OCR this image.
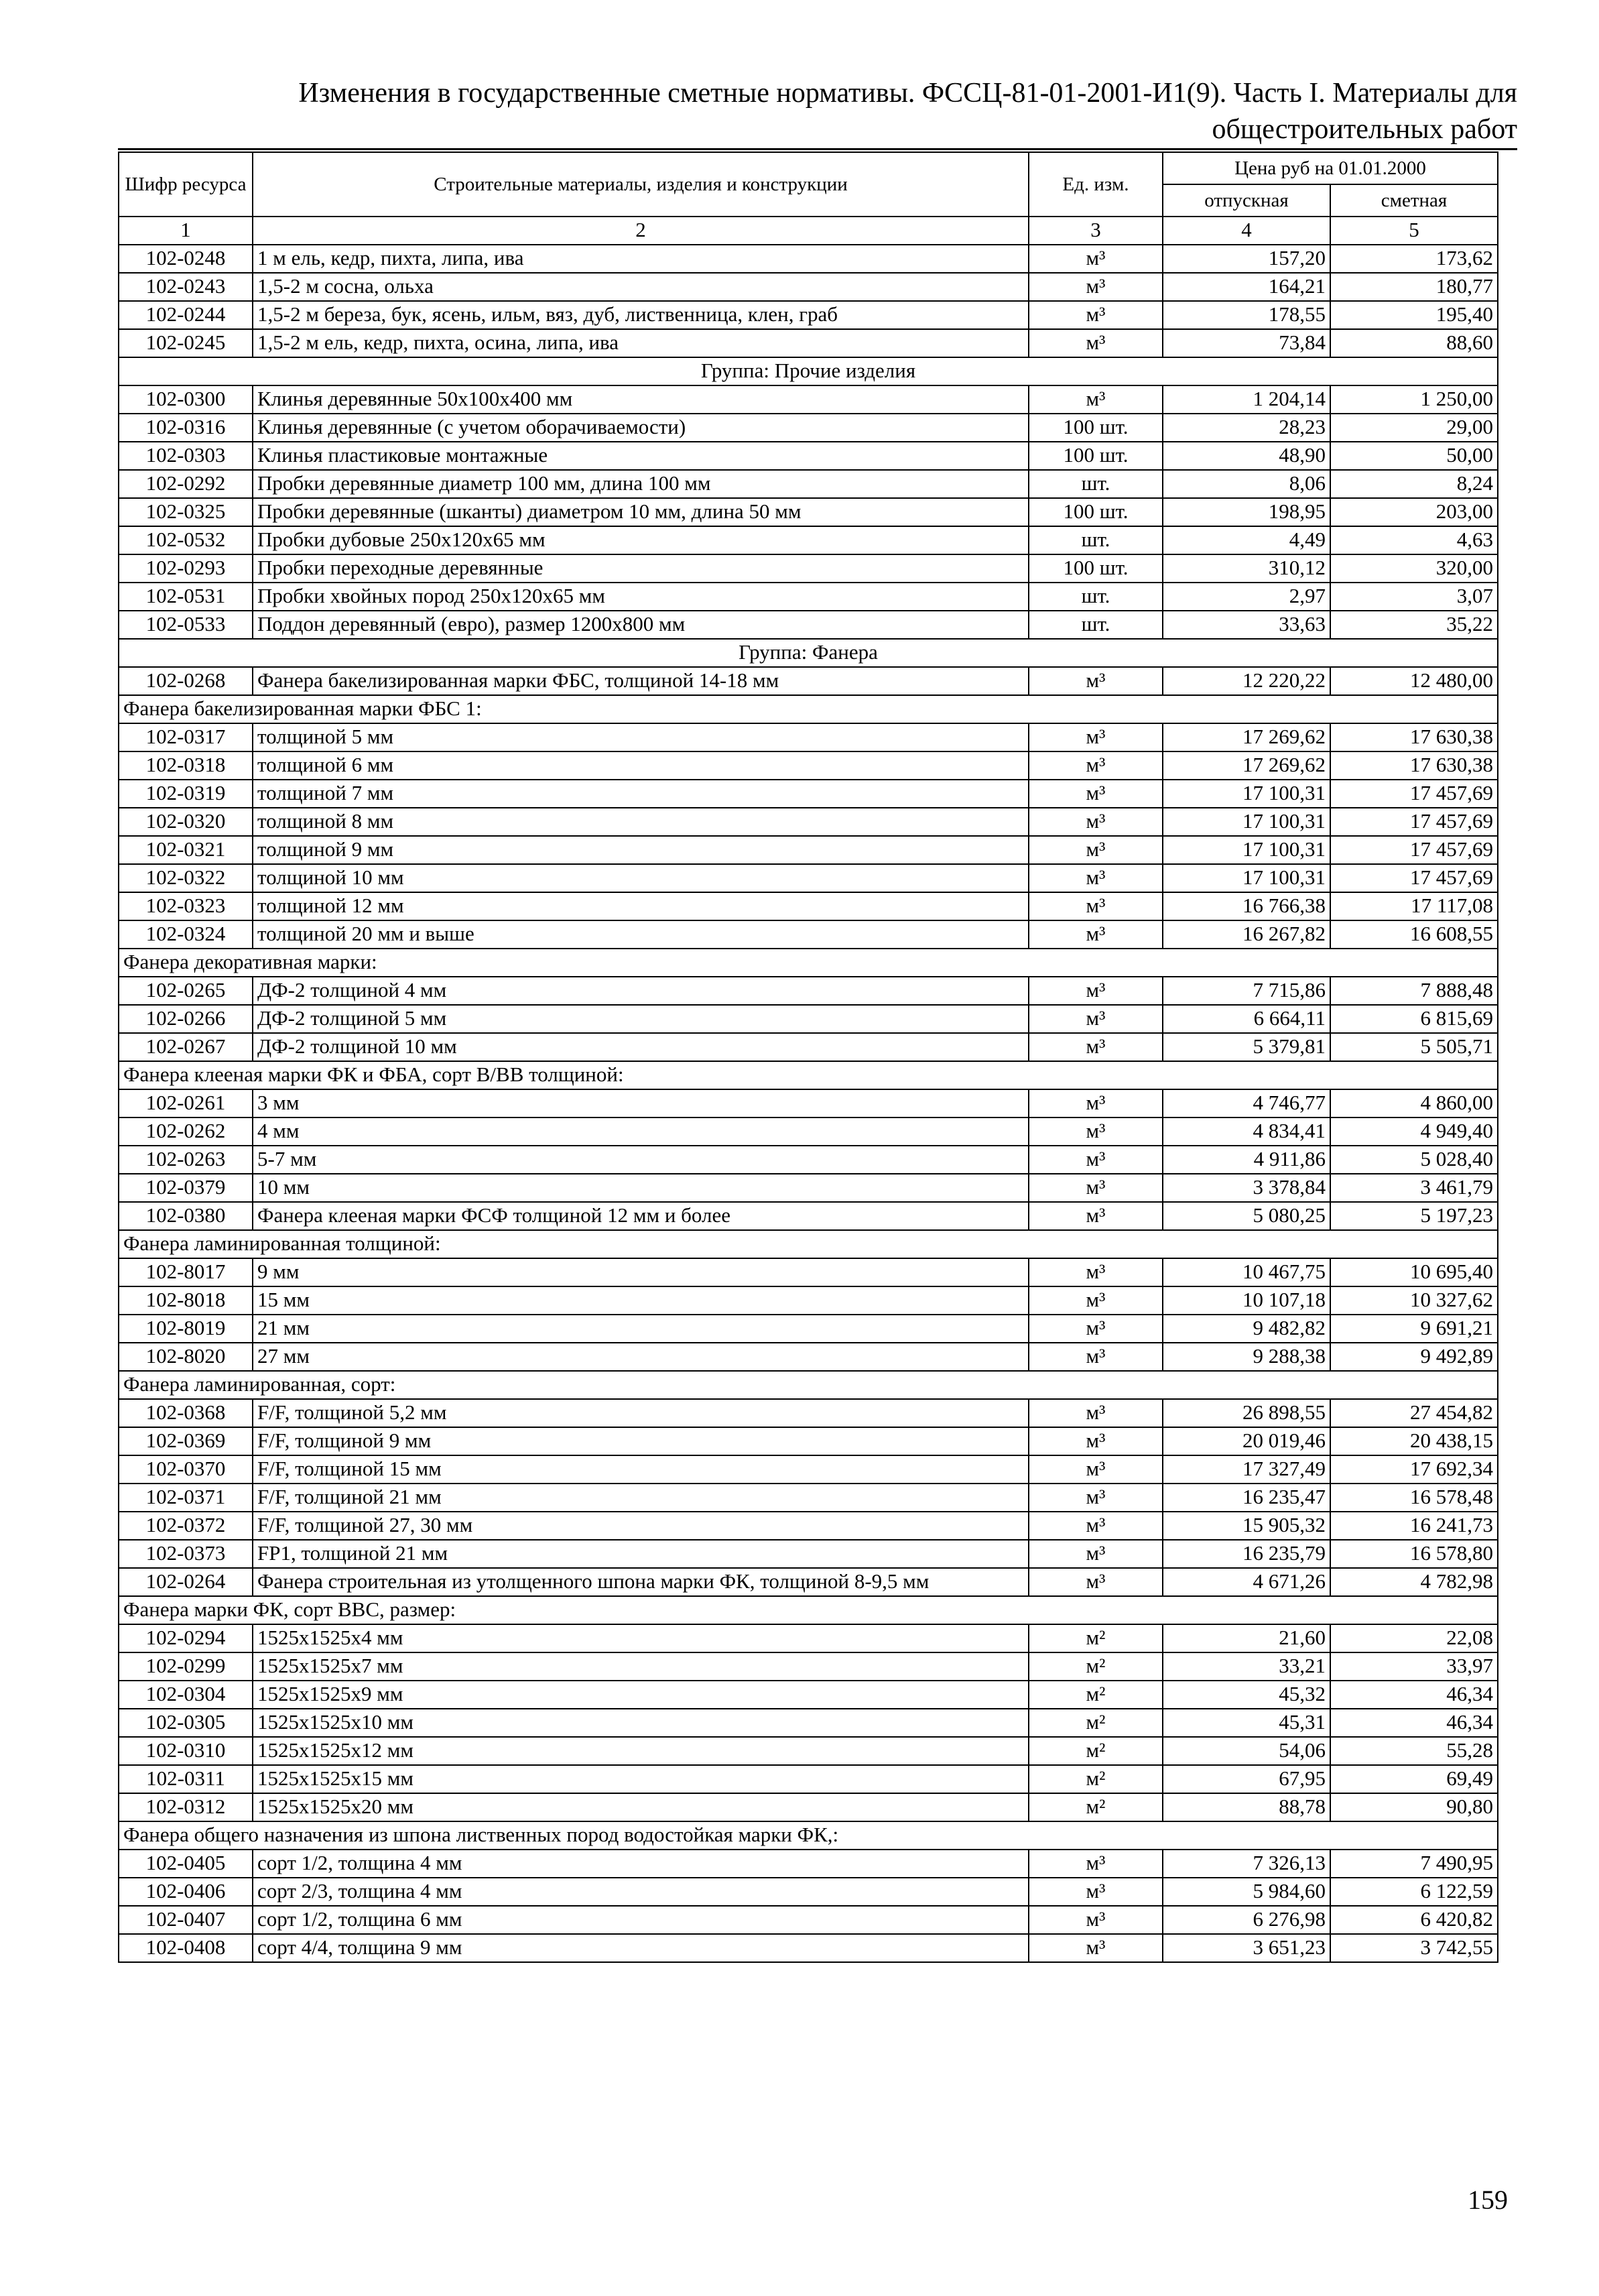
Изменения в государственные сметные нормативы. ФССЦ-81-01-2001-И1(9). Часть I. Материалы для
общестроительных работ
Шифр ресурса	Строительные материалы, изделия и конструкции	Ед. изм.	Цена руб на 01.01.2000	
			отпускная	сметная
1	2	3	4	5
102-0248	1 м ель, кедр, пихта, липа, ива	м³	157,20	173,62
102-0243	1,5-2 м сосна, ольха	м³	164,21	180,77
102-0244	1,5-2 м береза, бук, ясень, ильм, вяз, дуб, лиственница, клен, граб	м³	178,55	195,40
102-0245	1,5-2 м ель, кедр, пихта, осина, липа, ива	м³	73,84	88,60
Группа: Прочие изделия				
102-0300	Клинья деревянные 50х100х400 мм	м³	1 204,14	1 250,00
102-0316	Клинья деревянные (с учетом оборачиваемости)	100 шт.	28,23	29,00
102-0303	Клинья пластиковые монтажные	100 шт.	48,90	50,00
102-0292	Пробки деревянные диаметр 100 мм, длина 100 мм	шт.	8,06	8,24
102-0325	Пробки деревянные (шканты) диаметром 10 мм, длина 50 мм	100 шт.	198,95	203,00
102-0532	Пробки дубовые 250х120х65 мм	шт.	4,49	4,63
102-0293	Пробки переходные деревянные	100 шт.	310,12	320,00
102-0531	Пробки хвойных пород 250х120х65 мм	шт.	2,97	3,07
102-0533	Поддон деревянный (евро), размер 1200х800 мм	шт.	33,63	35,22
Группа: Фанера				
102-0268	Фанера бакелизированная марки ФБС, толщиной 14-18 мм	м³	12 220,22	12 480,00
Фанера бакелизированная марки ФБС 1:				
102-0317	толщиной 5 мм	м³	17 269,62	17 630,38
102-0318	толщиной 6 мм	м³	17 269,62	17 630,38
102-0319	толщиной 7 мм	м³	17 100,31	17 457,69
102-0320	толщиной 8 мм	м³	17 100,31	17 457,69
102-0321	толщиной 9 мм	м³	17 100,31	17 457,69
102-0322	толщиной 10 мм	м³	17 100,31	17 457,69
102-0323	толщиной 12 мм	м³	16 766,38	17 117,08
102-0324	толщиной 20 мм и выше	м³	16 267,82	16 608,55
Фанера декоративная марки:				
102-0265	ДФ-2 толщиной 4 мм	м³	7 715,86	7 888,48
102-0266	ДФ-2 толщиной 5 мм	м³	6 664,11	6 815,69
102-0267	ДФ-2 толщиной 10 мм	м³	5 379,81	5 505,71
Фанера клееная марки ФК и ФБА, сорт В/ВВ толщиной:				
102-0261	3 мм	м³	4 746,77	4 860,00
102-0262	4 мм	м³	4 834,41	4 949,40
102-0263	5-7 мм	м³	4 911,86	5 028,40
102-0379	10 мм	м³	3 378,84	3 461,79
102-0380	Фанера клееная марки ФСФ толщиной 12 мм и более	м³	5 080,25	5 197,23
Фанера ламинированная толщиной:				
102-8017	9 мм	м³	10 467,75	10 695,40
102-8018	15 мм	м³	10 107,18	10 327,62
102-8019	21 мм	м³	9 482,82	9 691,21
102-8020	27 мм	м³	9 288,38	9 492,89
Фанера ламинированная, сорт:				
102-0368	F/F, толщиной 5,2 мм	м³	26 898,55	27 454,82
102-0369	F/F, толщиной 9 мм	м³	20 019,46	20 438,15
102-0370	F/F, толщиной 15 мм	м³	17 327,49	17 692,34
102-0371	F/F, толщиной 21 мм	м³	16 235,47	16 578,48
102-0372	F/F, толщиной 27, 30 мм	м³	15 905,32	16 241,73
102-0373	FP1, толщиной 21 мм	м³	16 235,79	16 578,80
102-0264	Фанера строительная из утолщенного шпона марки ФК, толщиной 8-9,5 мм	м³	4 671,26	4 782,98
Фанера марки ФК, сорт ВВС, размер:				
102-0294	1525х1525х4 мм	м²	21,60	22,08
102-0299	1525х1525х7 мм	м²	33,21	33,97
102-0304	1525х1525х9 мм	м²	45,32	46,34
102-0305	1525х1525х10 мм	м²	45,31	46,34
102-0310	1525х1525х12 мм	м²	54,06	55,28
102-0311	1525х1525х15 мм	м²	67,95	69,49
102-0312	1525х1525х20 мм	м²	88,78	90,80
Фанера общего назначения из шпона лиственных пород водостойкая марки ФК,:				
102-0405	сорт 1/2, толщина 4 мм	м³	7 326,13	7 490,95
102-0406	сорт 2/3, толщина 4 мм	м³	5 984,60	6 122,59
102-0407	сорт 1/2, толщина 6 мм	м³	6 276,98	6 420,82
102-0408	сорт 4/4, толщина 9 мм	м³	3 651,23	3 742,55
159
